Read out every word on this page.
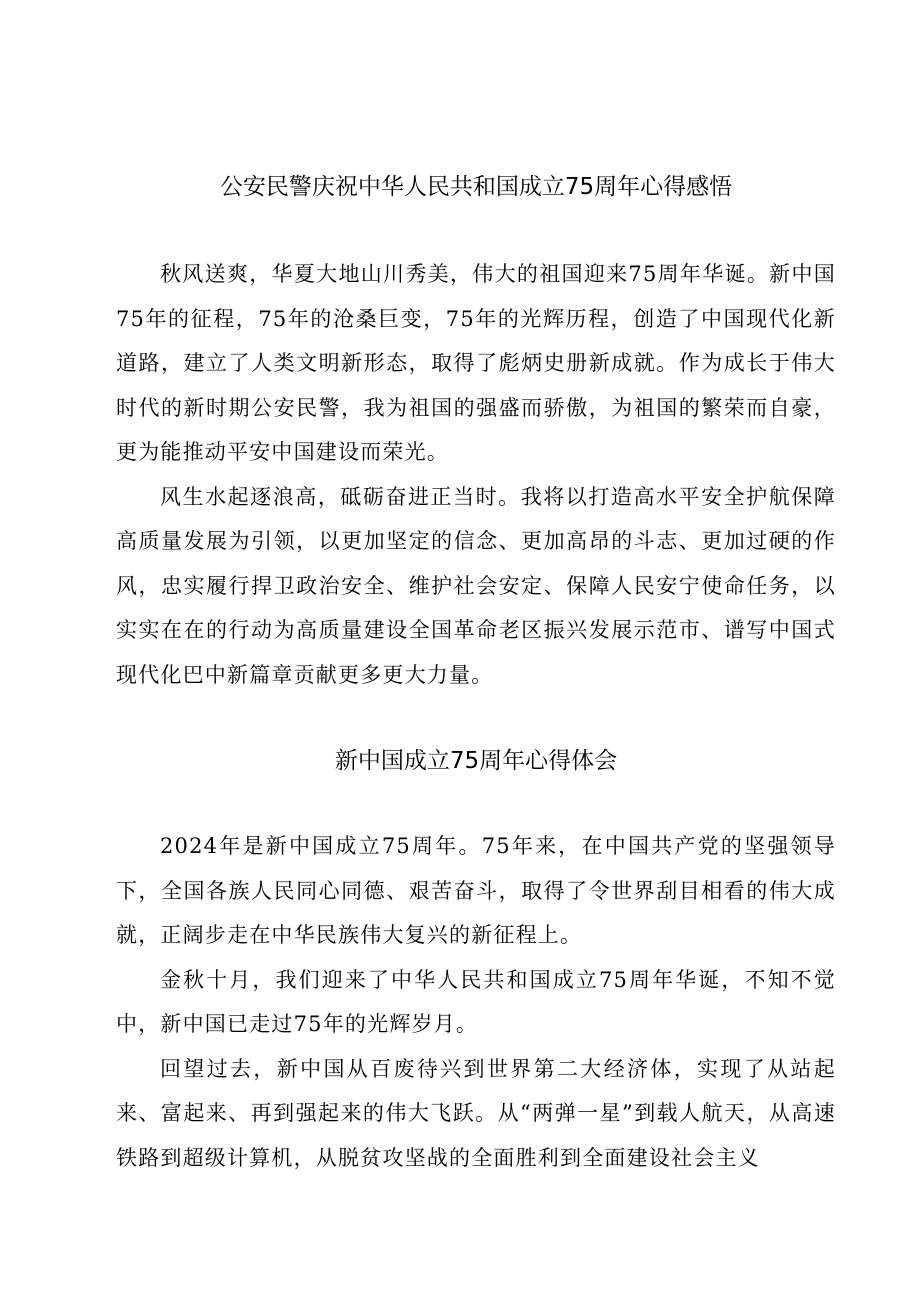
公安民警庆祝中华人民共和国成立75周年心得感悟

秋风送爽，华夏大地山川秀美，伟大的祖国迎来75周年华诞。新中国75年的征程，75年的沧桑巨变，75年的光辉历程，创造了中国现代化新道路，建立了人类文明新形态，取得了彪炳史册新成就。作为成长于伟大时代的新时期公安民警，我为祖国的强盛而骄傲，为祖国的繁荣而自豪，更为能推动平安中国建设而荣光。

风生水起逐浪高，砥砺奋进正当时。我将以打造高水平安全护航保障高质量发展为引领，以更加坚定的信念、更加高昂的斗志、更加过硬的作风，忠实履行捍卫政治安全、维护社会安定、保障人民安宁使命任务，以实实在在的行动为高质量建设全国革命老区振兴发展示范市、谱写中国式现代化巴中新篇章贡献更多更大力量。

新中国成立75周年心得体会

2024年是新中国成立75周年。75年来，在中国共产党的坚强领导下，全国各族人民同心同德、艰苦奋斗，取得了令世界刮目相看的伟大成就，正阔步走在中华民族伟大复兴的新征程上。

金秋十月，我们迎来了中华人民共和国成立75周年华诞，不知不觉中，新中国已走过75年的光辉岁月。

回望过去，新中国从百废待兴到世界第二大经济体，实现了从站起来、富起来、再到强起来的伟大飞跃。从“两弹一星”到载人航天，从高速铁路到超级计算机，从脱贫攻坚战的全面胜利到全面建设社会主义
